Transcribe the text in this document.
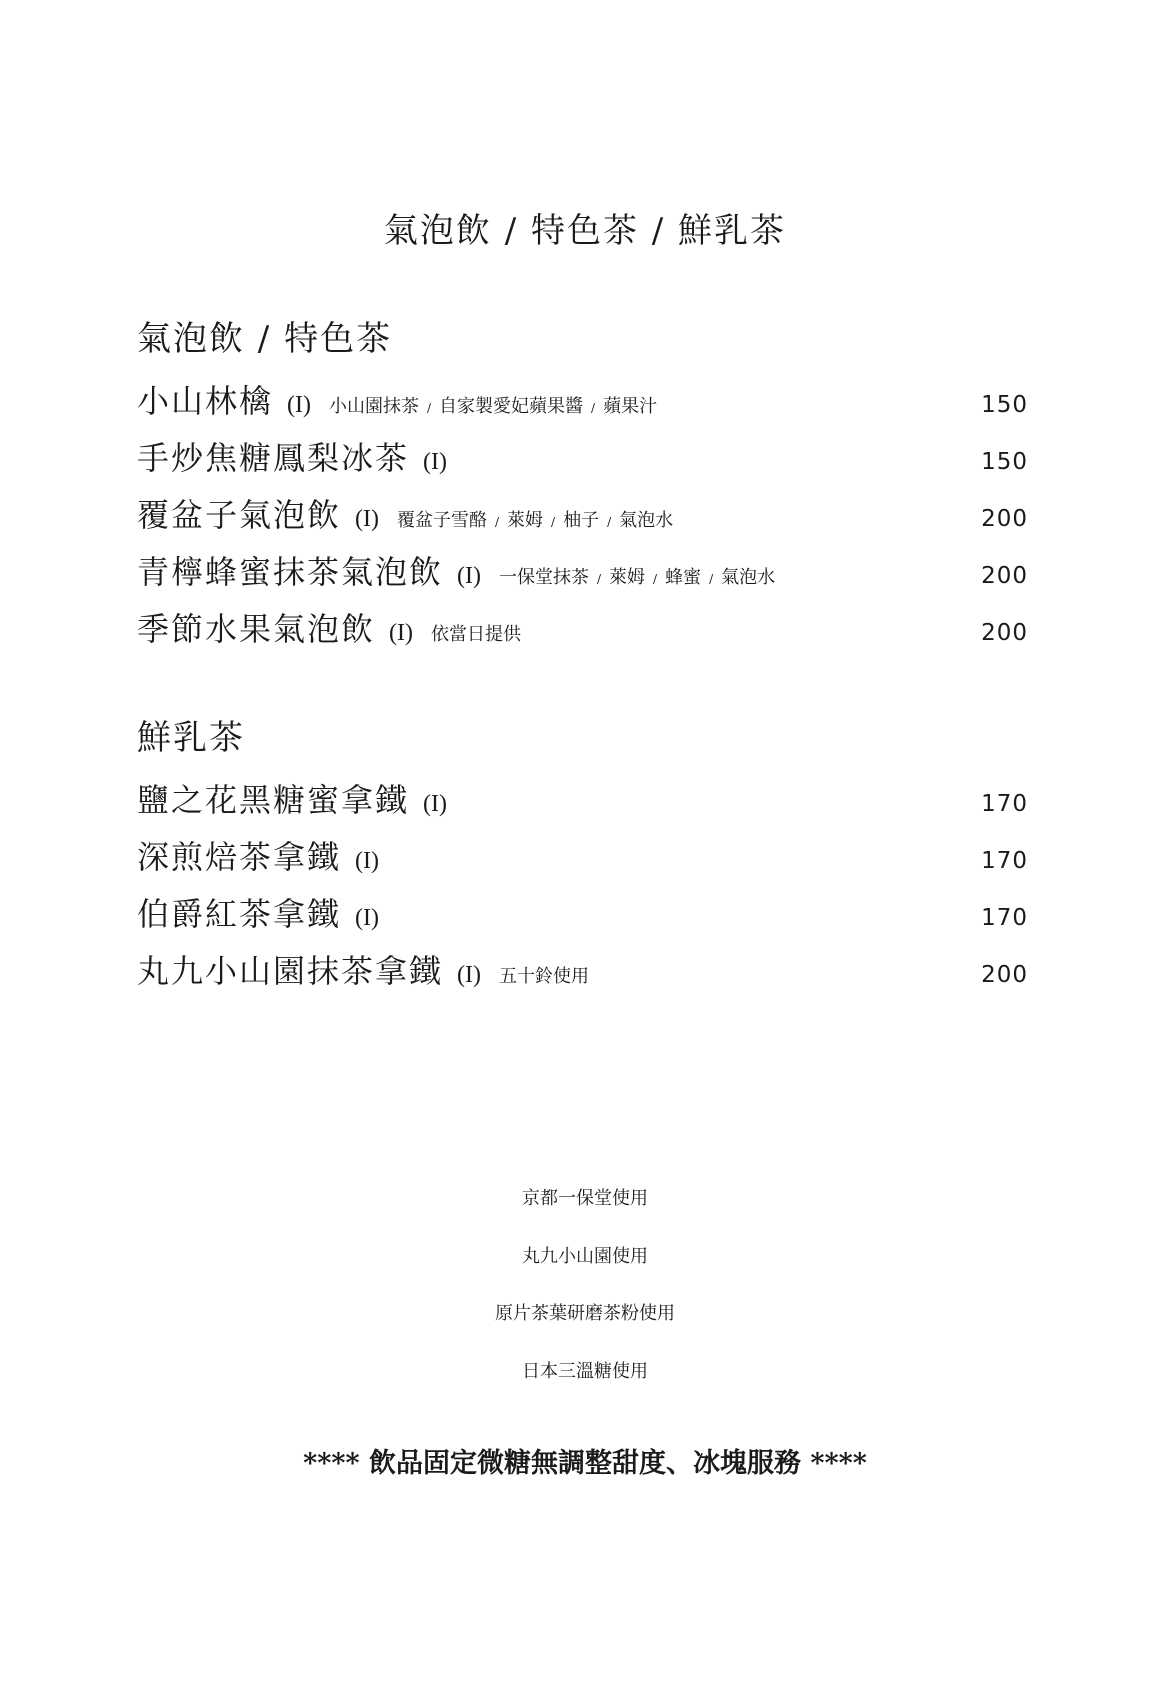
氣泡飲 / 特色茶 / 鮮乳茶
氣泡飲 / 特色茶
小山林檎 (I) 小山園抹茶 / 自家製愛妃蘋果醬 / 蘋果汁	150
手炒焦糖鳳梨冰茶 (I)	150
覆盆子氣泡飲 (I) 覆盆子雪酪 / 萊姆 / 柚子 / 氣泡水	200
青檸蜂蜜抹茶氣泡飲 (I) 一保堂抹茶 / 萊姆 / 蜂蜜 / 氣泡水	200
季節水果氣泡飲 (I) 依當日提供	200
鮮乳茶
鹽之花黑糖蜜拿鐵 (I)	170
深煎焙茶拿鐵 (I)	170
伯爵紅茶拿鐵 (I)	170
丸九小山園抹茶拿鐵 (I) 五十鈴使用	200
京都一保堂使用
丸九小山園使用
原片茶葉研磨茶粉使用
日本三溫糖使用
**** 飲品固定微糖無調整甜度、冰塊服務 ****
